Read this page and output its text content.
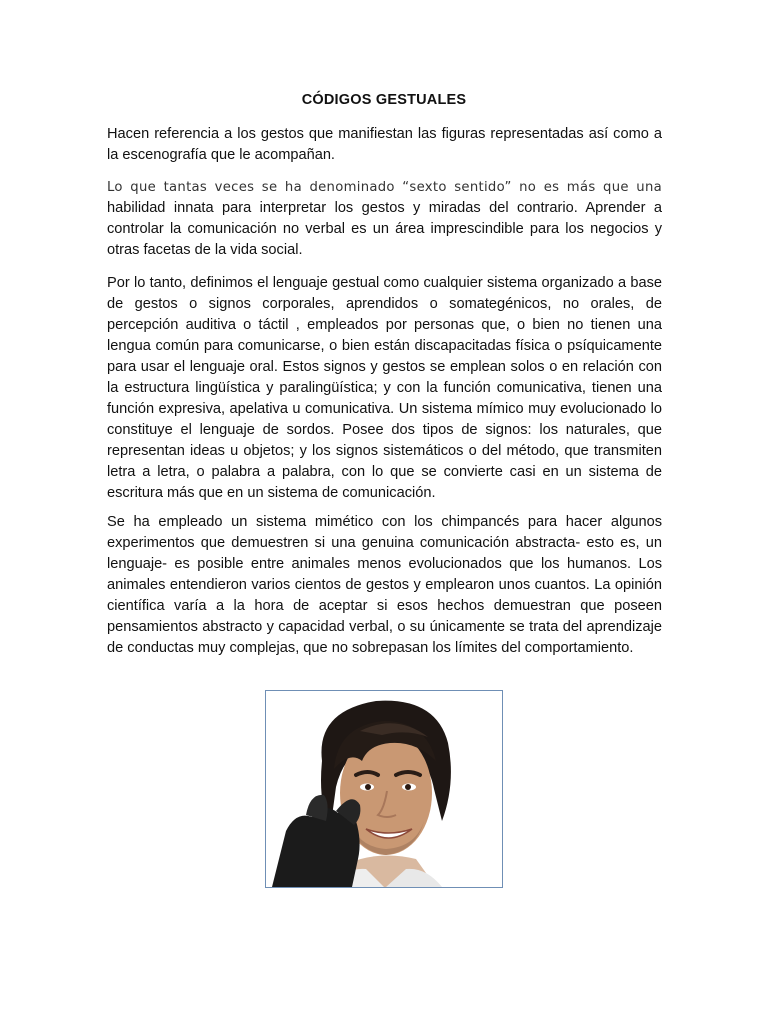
CÓDIGOS GESTUALES

Hacen referencia a los gestos que manifiestan las figuras representadas así como a la escenografía que le acompañan.

Lo que tantas veces se ha denominado “sexto sentido” no es más que una
habilidad innata para interpretar los gestos y miradas del contrario. Aprender a controlar la comunicación no verbal es un área imprescindible para los negocios y otras facetas de la vida social.

Por lo tanto, definimos el lenguaje gestual como cualquier sistema organizado a base de gestos o signos corporales, aprendidos o somategénicos, no orales, de percepción auditiva o táctil , empleados por personas que, o bien no tienen una lengua común para comunicarse, o bien están discapacitadas física o psíquicamente para usar el lenguaje oral. Estos signos y gestos se emplean solos o en relación con la estructura lingüística y paralingüística; y con la función comunicativa, tienen una función expresiva, apelativa u comunicativa. Un sistema mímico muy evolucionado lo constituye el lenguaje de sordos. Posee dos tipos de signos: los naturales, que representan ideas u objetos; y los signos sistemáticos o del método, que transmiten letra a letra, o palabra a palabra, con lo que se convierte casi en un sistema de escritura más que en un sistema de comunicación.

Se ha empleado un sistema mimético con los chimpancés para hacer algunos experimentos que demuestren si una genuina comunicación abstracta- esto es, un lenguaje- es posible entre animales menos evolucionados que los humanos. Los animales entendieron varios cientos de gestos y emplearon unos cuantos. La opinión científica varía a la hora de aceptar si esos hechos demuestran que poseen pensamientos abstracto y capacidad verbal, o su únicamente se trata del aprendizaje de conductas muy complejas, que no sobrepasan los límites del comportamiento.
